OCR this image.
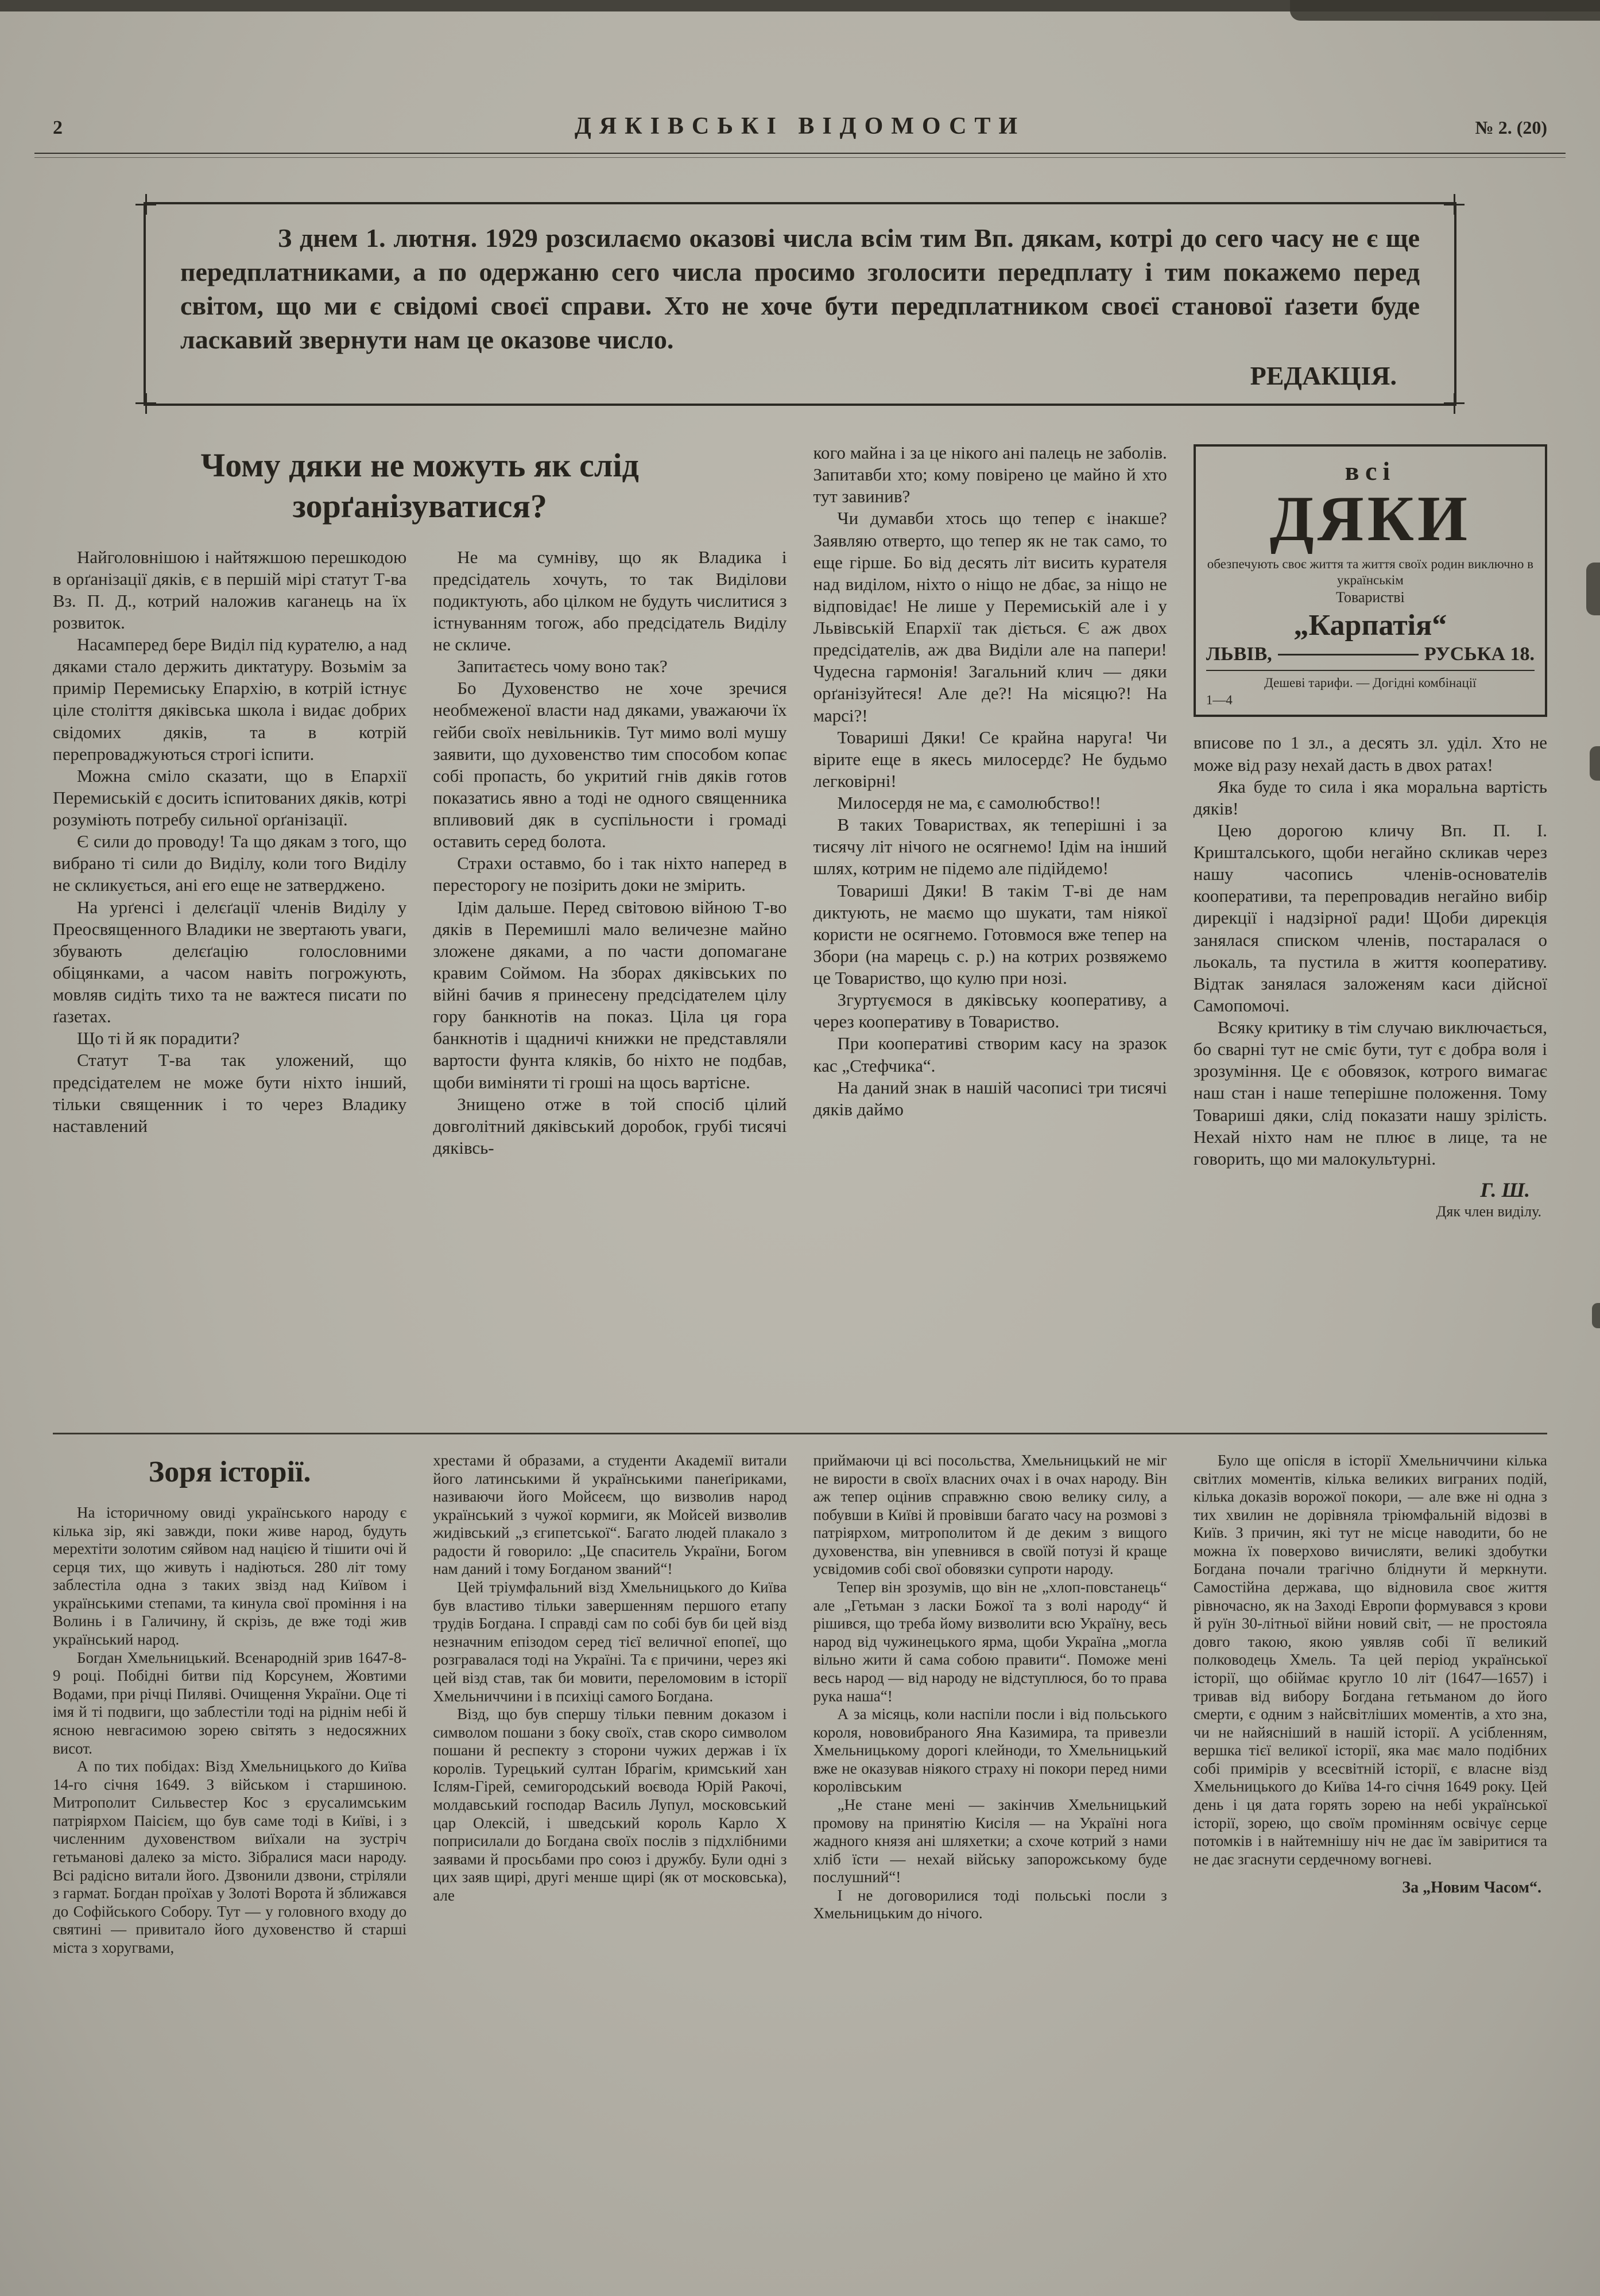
2	ДЯКІВСЬКІ ВІДОМОСТИ	№ 2. (20)

З днем 1. лютня. 1929 розсилаємо оказові числа всім тим Вп. дякам, котрі до сего часу не є ще передплатниками, а по одержаню сего числа просимо зголосити передплату і тим покажемо перед світом, що ми є свідомі своєї справи. Хто не хоче бути передплатником своєї станової ґазети буде ласкавий звернути нам це оказове число.

РЕДАКЦІЯ.

Чому дяки не можуть як слід
зорґанізуватися?

Найголовнішою і найтяжшою перешкодою в орґанізації дяків, є в першій мірі статут Т-ва Вз. П. Д., котрий наложив каганець на їх розвиток.

Насамперед бере Виділ під курателю, а над дяками стало держить диктатуру. Возьмім за примір Перемиську Епархію, в котрій істнує ціле століття дяківська школа і видає добрих свідомих дяків, та в котрій перепроваджуються строгі іспити.

Можна сміло сказати, що в Епархії Перемиській є досить іспитованих дяків, котрі розуміють потребу сильної орґанізації.

Є сили до проводу! Та що дякам з того, що вибрано ті сили до Виділу, коли того Виділу не скликується, ані его еще не затверджено.

На урґенсі і делєґації членів Виділу у Преосвященного Владики не звертають уваги, збувають делєґацію голословними обіцянками, а часом навіть погрожують, мовляв сидіть тихо та не важтеся писати по ґазетах.

Що ті й як порадити?

Статут Т-ва так уложений, що предсідателем не може бути ніхто інший, тільки священник і то через Владику наставлений

Не ма сумніву, що як Владика і предсідатель хочуть, то так Виділови подиктують, або цілком не будуть числитися з істнуванням тогож, або предсідатель Виділу не скличе.

Запитаєтесь чому воно так?

Бо Духовенство не хоче зречися необмеженої власти над дяками, уважаючи їх гейби своїх невільників. Тут мимо волі мушу заявити, що духовенство тим способом копає собі пропасть, бо укритий гнів дяків готов показатись явно а тоді не одного священника впливовий дяк в суспільности і громаді оставить серед болота.

Страхи оставмо, бо і так ніхто наперед в пересторогу не позірить доки не змірить.

Ідім дальше. Перед світовою війною Т-во дяків в Перемишлі мало величезне майно зложене дяками, а по части допомагане кравим Соймом. На зборах дяківських по війні бачив я принесену предсідателем цілу гору банкнотів на показ. Ціла ця гора банкнотів і щадничі книжки не представляли вартости фунта кляків, бо ніхто не подбав, щоби виміняти ті гроші на щось вартісне.

Знищено отже в той спосіб цілий довголітний дяківський доробок, грубі тисячі дяківсь-

кого майна і за це нікого ані палець не заболів. Запитавби хто; кому повірено це майно й хто тут завинив?

Чи думавби хтось що тепер є інакше? Заявляю отверто, що тепер як не так само, то еще гірше. Бо від десять літ висить курателя над виділом, ніхто о ніщо не дбає, за ніщо не відповідає! Не лише у Перемиській але і у Львівській Епархії так діється. Є аж двох предсідателів, аж два Виділи але на папери! Чудесна гармонія! Загальний клич — дяки орґанізуйтеся! Але де?! На місяцю?! На марсі?!

Товариші Дяки! Се крайна наруга! Чи вірите еще в якесь милосердє? Не будьмо легковірні!

Милосердя не ма, є самолюбство!!

В таких Товариствах, як теперішні і за тисячу літ нічого не осягнемо! Ідім на інший шлях, котрим не підемо але підійдемо!

Товариші Дяки! В такім Т-ві де нам диктують, не маємо що шукати, там ніякої користи не осягнемо. Готовмося вже тепер на Збори (на марець с. р.) на котрих розвяжемо це Товариство, що кулю при нозі.

Згуртуємося в дяківську кооперативу, а через кооперативу в Товариство.

При кооперативі створим касу на зразок кас „Стефчика“.

На даний знак в нашій часописі три тисячі дяків даймо

всі

ДЯКИ

обезпечують своє життя та життя своїх родин виключно в українськім

Товаристві

„Карпатія“

ЛЬВІВ,	РУСЬКА 18.

Дешеві тарифи. — Догідні комбінації

1—4

вписове по 1 зл., а десять зл. уділ. Хто не може від разу нехай дасть в двох ратах!

Яка буде то сила і яка моральна вартість дяків!

Цею дорогою кличу Вп. П. І. Кришталського, щоби негайно скликав через нашу часопись членів-основателів кооперативи, та перепровадив негайно вибір дирекції і надзірної ради! Щоби дирекція занялася списком членів, постаралася о льокаль, та пустила в життя кооперативу. Відтак занялася заложеням каси дійсної Самопомочі.

Всяку критику в тім случаю виключається, бо сварні тут не сміє бути, тут є добра воля і зрозуміння. Це є обовязок, котрого вимагає наш стан і наше теперішне положення. Тому Товариші дяки, слід показати нашу зрілість. Нехай ніхто нам не плює в лице, та не говорить, що ми малокультурні.

Г. Ш.

Дяк член виділу.

Зоря історії.

На історичному овиді українського народу є кілька зір, які завжди, поки живе народ, будуть мерехтіти золотим сяйвом над нацією й тішити очі й серця тих, що живуть і надіються. 280 літ тому заблестіла одна з таких звізд над Київом і українськими степами, та кинула свої проміння і на Волинь і в Галичину, й скрізь, де вже тоді жив український народ.

Богдан Хмельницький. Всенародній зрив 1647-8-9 році. Побідні битви під Корсунем, Жовтими Водами, при річці Пиляві. Очищення України. Оце ті імя й ті подвиги, що заблестіли тоді на ріднім небі й ясною невгасимою зорею світять з недосяжних висот.

А по тих побідах: Візд Хмельницького до Київа 14-го січня 1649. З військом і старшиною. Митрополит Сильвестер Кос з єрусалимським патріярхом Паісієм, що був саме тоді в Київі, і з численним духовенством виїхали на зустріч гетьманові далеко за місто. Зібралися маси народу. Всі радісно витали його. Дзвонили дзвони, стріляли з гармат. Богдан проїхав у Золоті Ворота й зближався до Софійського Собору. Тут — у головного входу до святині — привитало його духовенство й старші міста з хоругвами,

хрестами й образами, а студенти Академії витали його латинськими й українськими панеґіриками, називаючи його Мойсеєм, що визволив народ український з чужої кормиги, як Мойсей визволив жидівський „з єгипетської“. Багато людей плакало з радости й говорило: „Це спаситель України, Богом нам даний і тому Богданом званий“!

Цей тріумфальний візд Хмельницького до Київа був властиво тільки завершенням першого етапу трудів Богдана. І справді сам по собі був би цей візд незначним епізодом серед тієї величної епопеї, що розгравалася тоді на Україні. Та є причини, через які цей візд став, так би мовити, переломовим в історії Хмельниччини і в психіці самого Богдана.

Візд, що був спершу тільки певним доказом і символом пошани з боку своїх, став скоро символом пошани й респекту з сторони чужих держав і їх королів. Турецький султан Ібрагім, кримський хан Іслям-Гірей, семигородський воєвода Юрій Ракочі, молдавський господар Василь Лупул, московський цар Олексій, і шведський король Карло X поприсилали до Богдана своїх послів з підхлібними заявами й просьбами про союз і дружбу. Були одні з цих заяв щирі, другі менше щирі (як от московська), але

приймаючи ці всі посольства, Хмельницький не міг не вирости в своїх власних очах і в очах народу. Він аж тепер оцінив справжню свою велику силу, а побувши в Київі й провівши багато часу на розмові з патріярхом, митрополитом й де деким з вищого духовенства, він упевнився в своїй потузі й краще усвідомив собі свої обовязки супроти народу.

Тепер він зрозумів, що він не „хлоп-повстанець“ але „Гетьман з ласки Божої та з волі народу“ й рішився, що треба йому визволити всю Україну, весь народ від чужинецького ярма, щоби Україна „могла вільно жити й сама собою правити“. Поможе мені весь народ — від народу не відступлюся, бо то права рука наша“!

А за місяць, коли наспіли посли і від польського короля, нововибраного Яна Казимира, та привезли Хмельницькому дорогі клейноди, то Хмельницький вже не оказував ніякого страху ні покори перед ними королівським

„Не стане мені — закінчив Хмельницький промову на принятію Кисіля — на Україні нога жадного князя ані шляхетки; а схоче котрий з нами хліб їсти — нехай війську запорожському буде послушний“!

І не договорилися тоді польські посли з Хмельницьким до нічого.

Було ще опісля в історії Хмельниччини кілька світлих моментів, кілька великих виграних подій, кілька доказів ворожої покори, — але вже ні одна з тих хвилин не дорівняла тріюмфальній відозві в Київ. З причин, які тут не місце наводити, бо не можна їх поверхово вичисляти, великі здобутки Богдана почали трагічно бліднути й меркнути. Самостійна держава, що відновила своє життя рівночасно, як на Заході Европи формувався з крови й руїн 30-літньої війни новий світ, — не простояла довго такою, якою уявляв собі її великий полководець Хмель. Та цей період української історії, що обіймає кругло 10 літ (1647—1657) і тривав від вибору Богдана гетьманом до його смерти, є одним з найсвітліших моментів, а хто зна, чи не найясніший в нашій історії. А усібленням, вершка тієї великої історії, яка має мало подібних собі примірів у всесвітній історії, є власне візд Хмельницького до Київа 14-го січня 1649 року. Цей день і ця дата горять зорею на небі української історії, зорею, що своїм промінням освічує серце потомків і в найтемнішу ніч не дає їм завіритися та не дає згаснути сердечному вогневі.

За „Новим Часом“.
